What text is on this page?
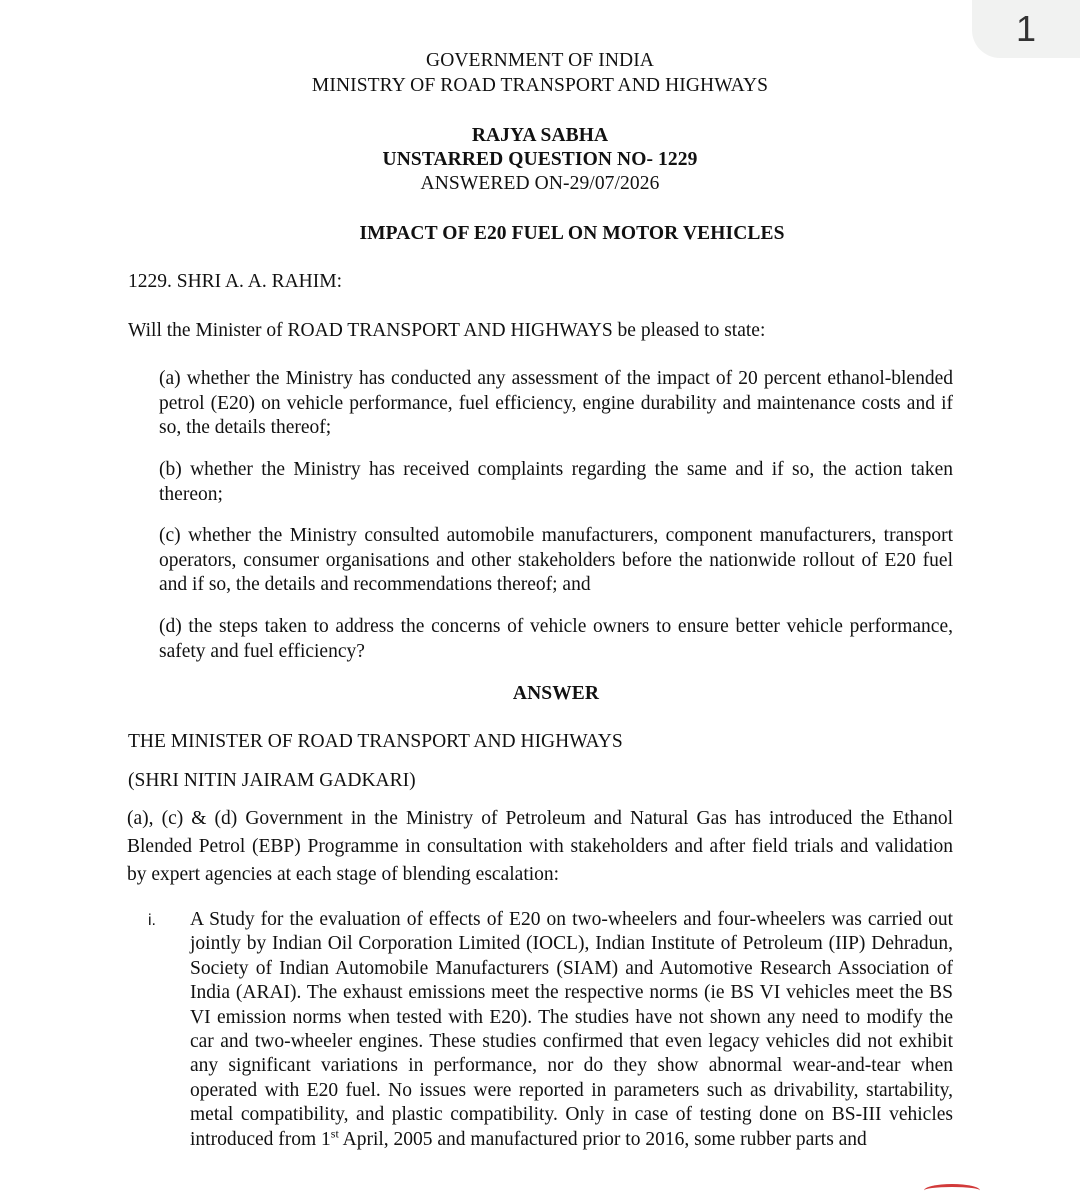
1
GOVERNMENT OF INDIA
MINISTRY OF ROAD TRANSPORT AND HIGHWAYS
RAJYA SABHA
UNSTARRED QUESTION NO- 1229
ANSWERED ON-29/07/2026
IMPACT OF E20 FUEL ON MOTOR VEHICLES
1229. SHRI A. A. RAHIM:
Will the Minister of ROAD TRANSPORT AND HIGHWAYS be pleased to state:
(a) whether the Ministry has conducted any assessment of the impact of 20 percent ethanol-blended petrol (E20) on vehicle performance, fuel efficiency, engine durability and maintenance costs and if so, the details thereof;
(b) whether the Ministry has received complaints regarding the same and if so, the action taken thereon;
(c) whether the Ministry consulted automobile manufacturers, component manufacturers, transport operators, consumer organisations and other stakeholders before the nationwide rollout of E20 fuel and if so, the details and recommendations thereof; and
(d) the steps taken to address the concerns of vehicle owners to ensure better vehicle performance, safety and fuel efficiency?
ANSWER
THE MINISTER OF ROAD TRANSPORT AND HIGHWAYS
(SHRI NITIN JAIRAM GADKARI)
(a), (c) & (d) Government in the Ministry of Petroleum and Natural Gas has introduced the Ethanol Blended Petrol (EBP) Programme in consultation with stakeholders and after field trials and validation by expert agencies at each stage of blending escalation:
i. A Study for the evaluation of effects of E20 on two-wheelers and four-wheelers was carried out jointly by Indian Oil Corporation Limited (IOCL), Indian Institute of Petroleum (IIP) Dehradun, Society of Indian Automobile Manufacturers (SIAM) and Automotive Research Association of India (ARAI). The exhaust emissions meet the respective norms (ie BS VI vehicles meet the BS VI emission norms when tested with E20). The studies have not shown any need to modify the car and two-wheeler engines. These studies confirmed that even legacy vehicles did not exhibit any significant variations in performance, nor do they show abnormal wear-and-tear when operated with E20 fuel. No issues were reported in parameters such as drivability, startability, metal compatibility, and plastic compatibility. Only in case of testing done on BS-III vehicles introduced from 1st April, 2005 and manufactured prior to 2016, some rubber parts and
